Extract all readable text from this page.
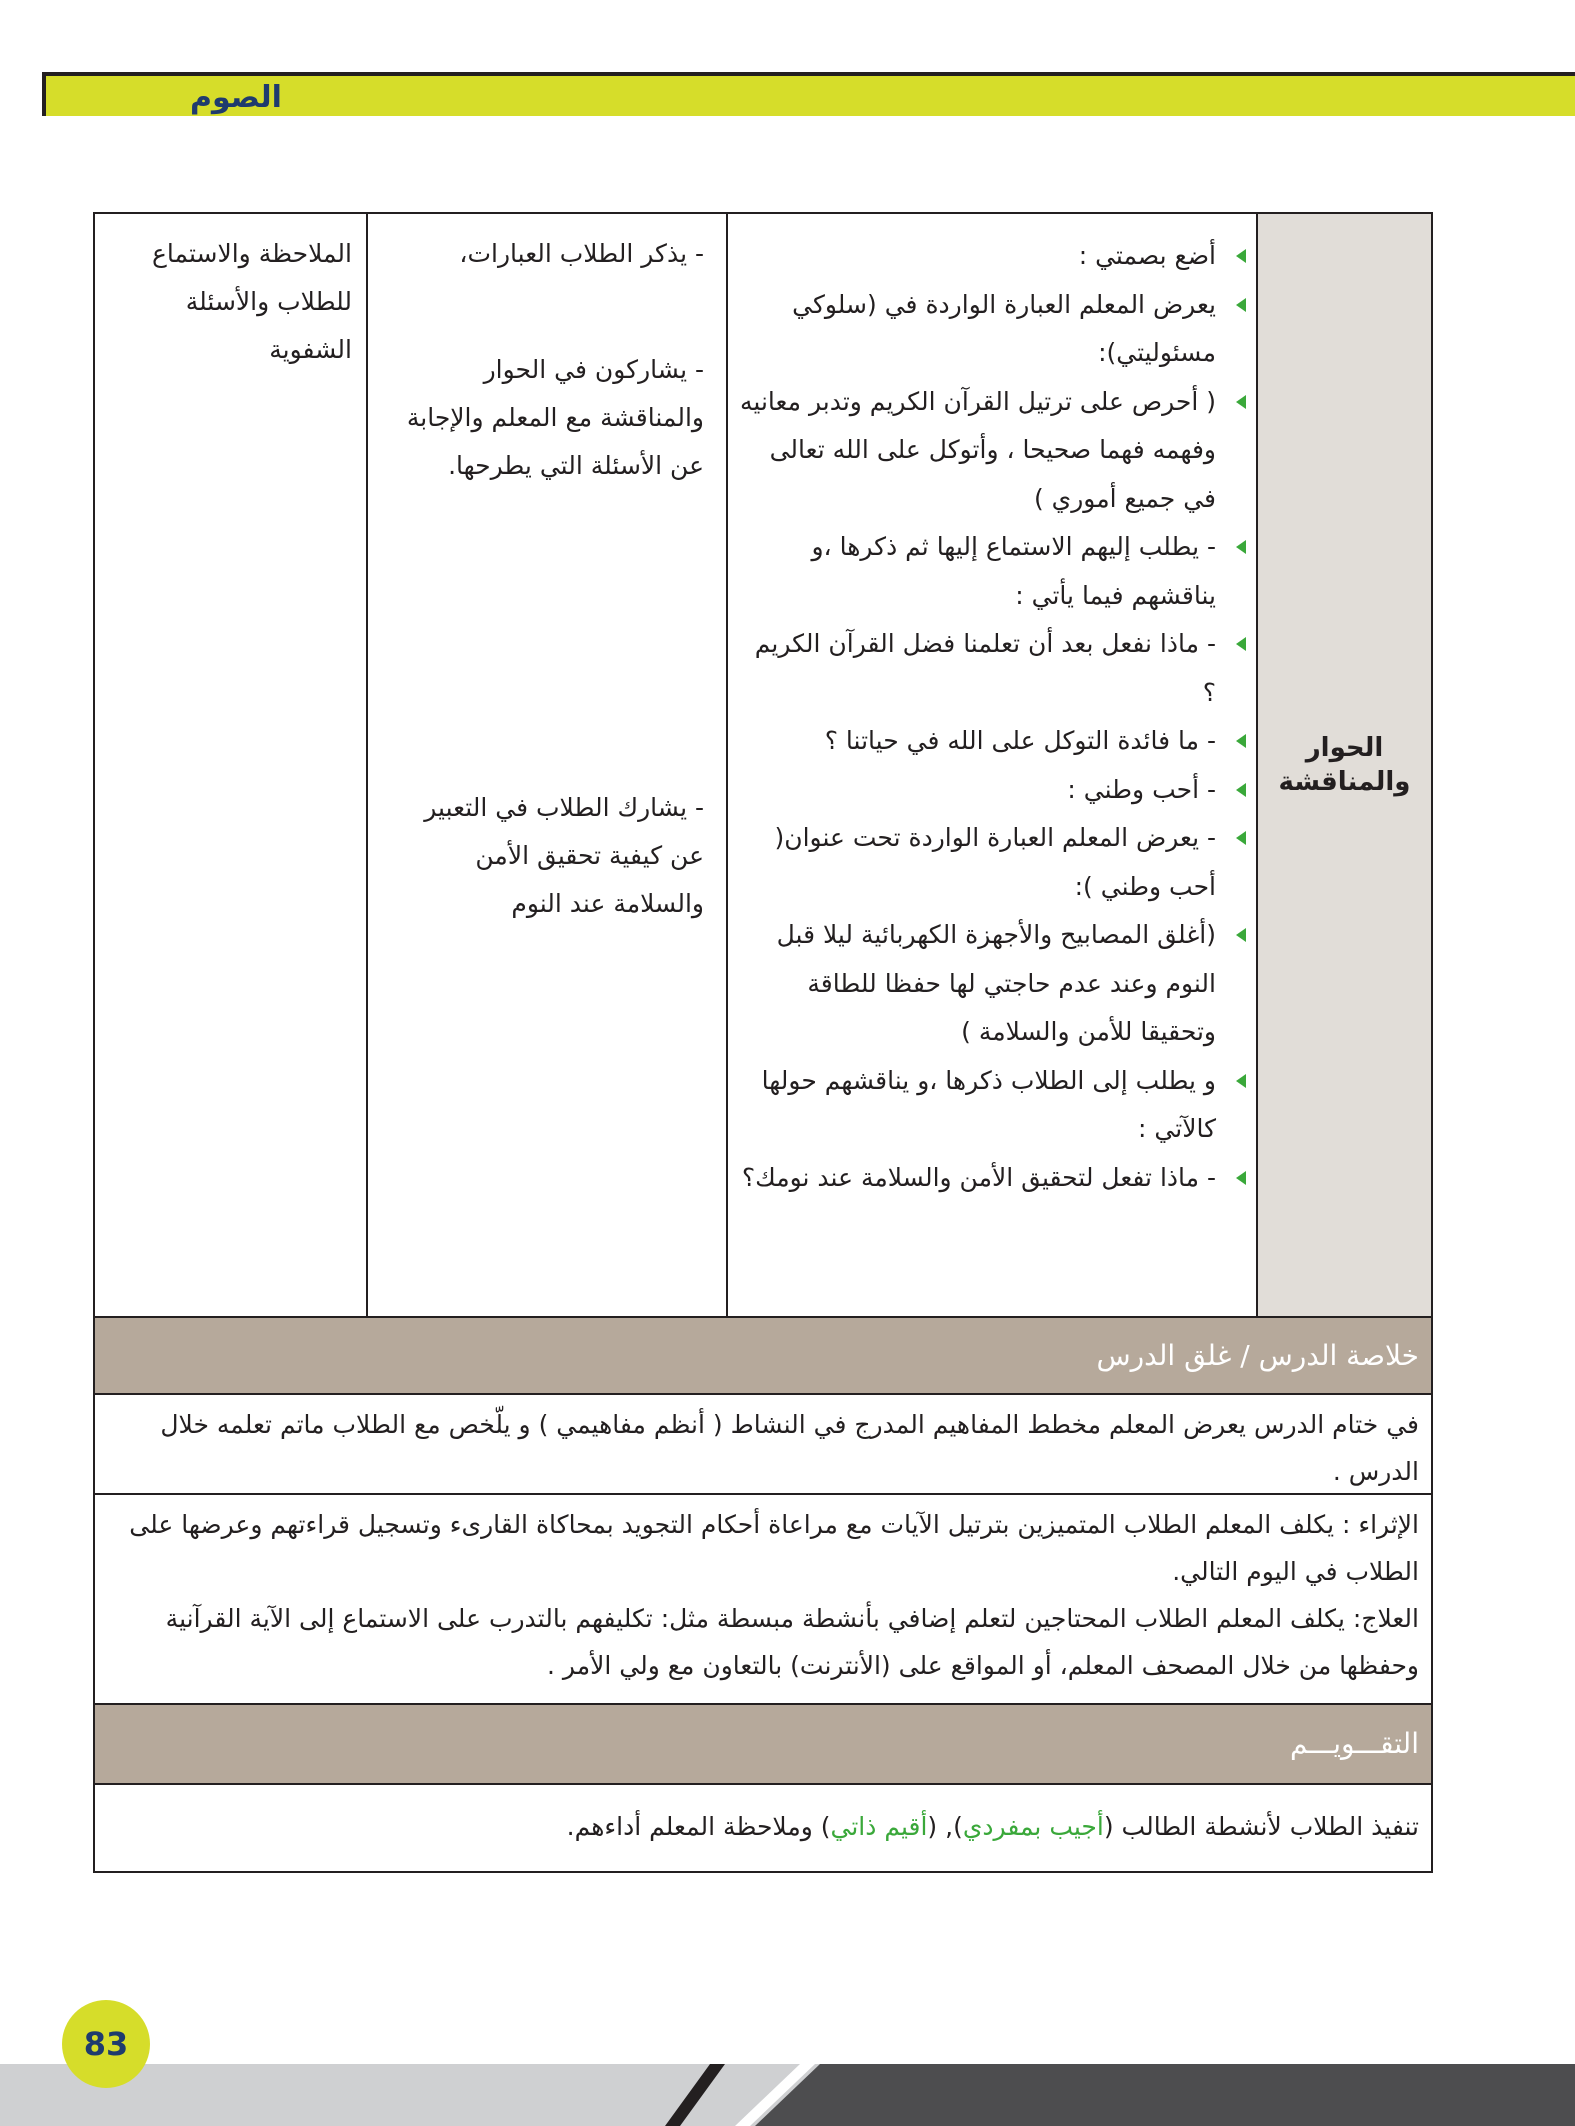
الصوم
الحوار
والمناقشة
أضع بصمتي :
يعرض المعلم العبارة الواردة في (سلوكي مسئوليتي):
( أحرص على ترتيل القرآن الكريم وتدبر معانيه وفهمه فهما صحيحا ، وأتوكل على الله تعالى في جميع أموري )
- يطلب إليهم الاستماع إليها ثم ذكرها ،و يناقشهم فيما يأتي :
- ماذا نفعل بعد أن تعلمنا فضل القرآن الكريم ؟
- ما فائدة التوكل على الله في حياتنا ؟
- أحب وطني :
- يعرض المعلم العبارة الواردة تحت عنوان( أحب وطني ):
(أغلق المصابيح والأجهزة الكهربائية ليلا قبل النوم وعند عدم حاجتي لها حفظا للطاقة وتحقيقا للأمن والسلامة )
و يطلب إلى الطلاب ذكرها ،و يناقشهم حولها كالآتي :
- ماذا تفعل لتحقيق الأمن والسلامة عند نومك؟
- يذكر الطلاب العبارات،
- يشاركون في الحوار والمناقشة مع المعلم والإجابة عن الأسئلة التي يطرحها.
- يشارك الطلاب في التعبير عن كيفية تحقيق الأمن والسلامة عند النوم
الملاحظة والاستماع للطلاب والأسئلة الشفوية
خلاصة الدرس / غلق الدرس

في ختام الدرس يعرض المعلم مخطط المفاهيم المدرج في النشاط ( أنظم مفاهيمي ) و يلّخص مع الطلاب ماتم تعلمه خلال الدرس .

الإثراء : يكلف المعلم الطلاب المتميزين بترتيل الآيات مع مراعاة أحكام التجويد بمحاكاة القارىء وتسجيل قراءتهم وعرضها على الطلاب في اليوم التالي.

العلاج: يكلف المعلم الطلاب المحتاجين لتعلم إضافي بأنشطة مبسطة مثل: تكليفهم بالتدرب على الاستماع إلى الآية القرآنية وحفظها من خلال المصحف المعلم، أو المواقع على (الأنترنت) بالتعاون مع ولي الأمر .

التقـــويـــم

تنفيذ الطلاب لأنشطة الطالب (أجيب بمفردي), (أقيم ذاتي) وملاحظة المعلم أداءهم.

83
